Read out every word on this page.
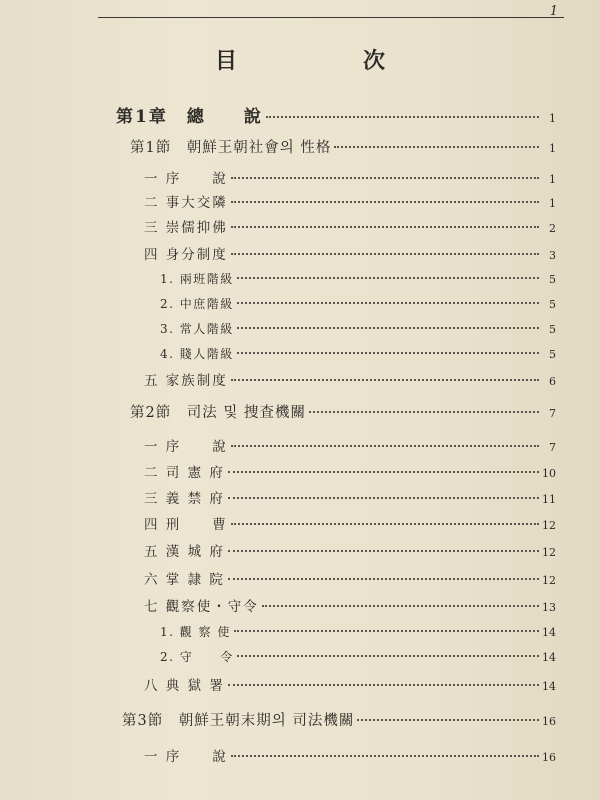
1
目　次
第1章　總　　說	1
第1節　朝鮮王朝社會의 性格	1
一 序　　說	1
二 事大交隣	1
三 崇儒抑佛	2
四 身分制度	3
1. 兩班階級	5
2. 中庶階級	5
3. 常人階級	5
4. 賤人階級	5
五 家族制度	6
第2節　司法 및 捜査機關	7
一 序　　說	7
二 司 憲 府	10
三 義 禁 府	11
四 刑　　曹	12
五 漢 城 府	12
六 掌 隷 院	12
七 觀察使・守令	13
1. 觀 察 使	14
2. 守　　令	14
八 典 獄 署	14
第3節　朝鮮王朝末期의 司法機關	16
一 序　　說	16
